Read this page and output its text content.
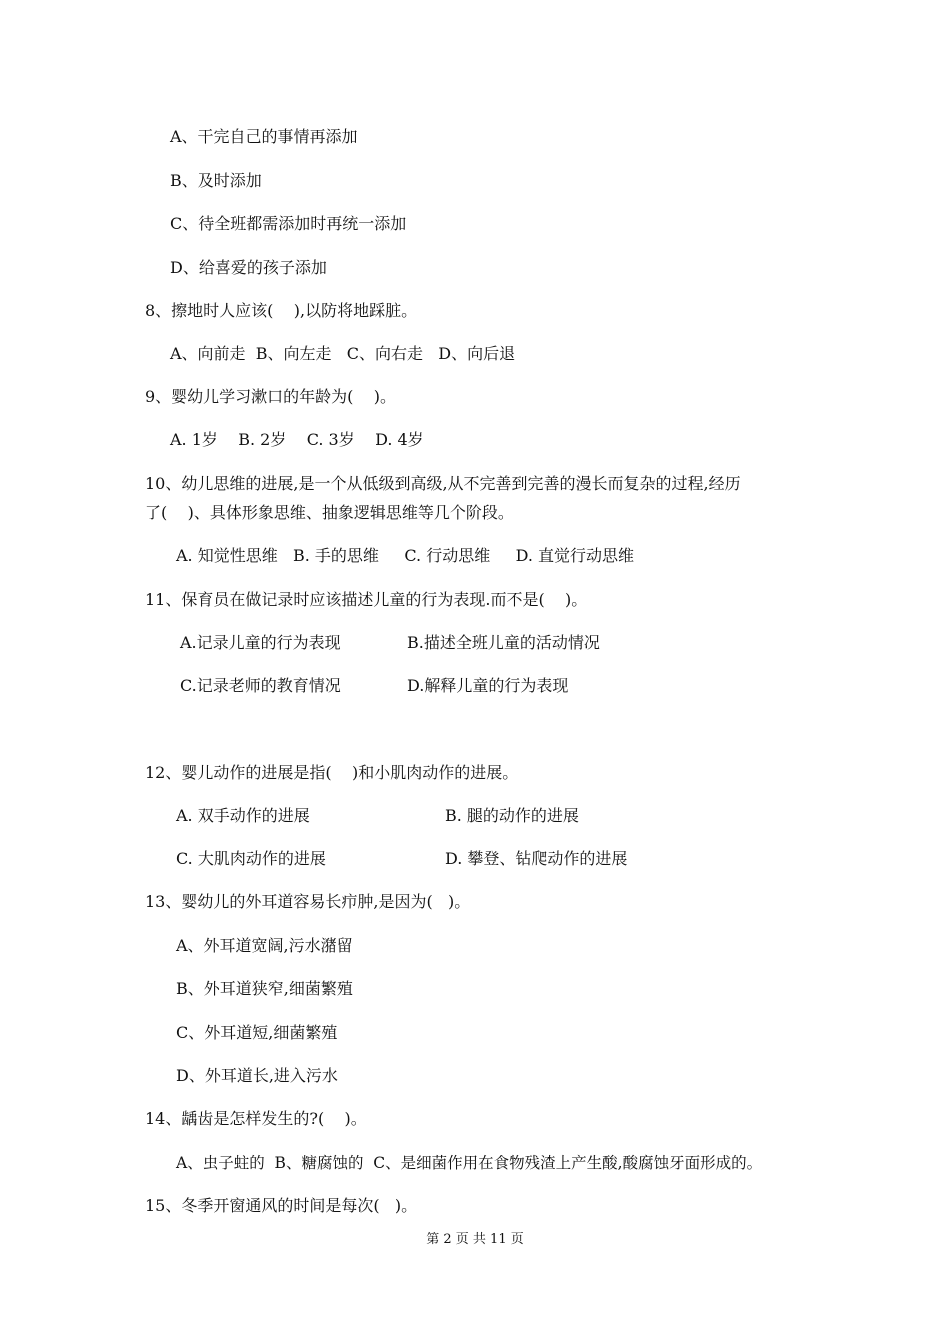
A、干完自己的事情再添加
B、及时添加
C、待全班都需添加时再统一添加
D、给喜爱的孩子添加
8、擦地时人应该(    ),以防将地踩脏。
A、向前走  B、向左走   C、向右走   D、向后退
9、婴幼儿学习漱口的年龄为(    )。
A. 1岁    B. 2岁    C. 3岁    D. 4岁
10、幼儿思维的进展,是一个从低级到高级,从不完善到完善的漫长而复杂的过程,经历
了(    )、具体形象思维、抽象逻辑思维等几个阶段。
A. 知觉性思维   B. 手的思维     C. 行动思维     D. 直觉行动思维
11、保育员在做记录时应该描述儿童的行为表现.而不是(    )。
A.记录儿童的行为表现	B.描述全班儿童的活动情况
C.记录老师的教育情况	D.解释儿童的行为表现
12、婴儿动作的进展是指(    )和小肌肉动作的进展。
A. 双手动作的进展	B. 腿的动作的进展
C. 大肌肉动作的进展	D. 攀登、钻爬动作的进展
13、婴幼儿的外耳道容易长疖肿,是因为(   )。
A、外耳道宽阔,污水潴留
B、外耳道狭窄,细菌繁殖
C、外耳道短,细菌繁殖
D、外耳道长,进入污水
14、龋齿是怎样发生的?(    )。
A、虫子蛀的  B、糖腐蚀的  C、是细菌作用在食物残渣上产生酸,酸腐蚀牙面形成的。
15、冬季开窗通风的时间是每次(   )。
第 2 页 共 11 页
